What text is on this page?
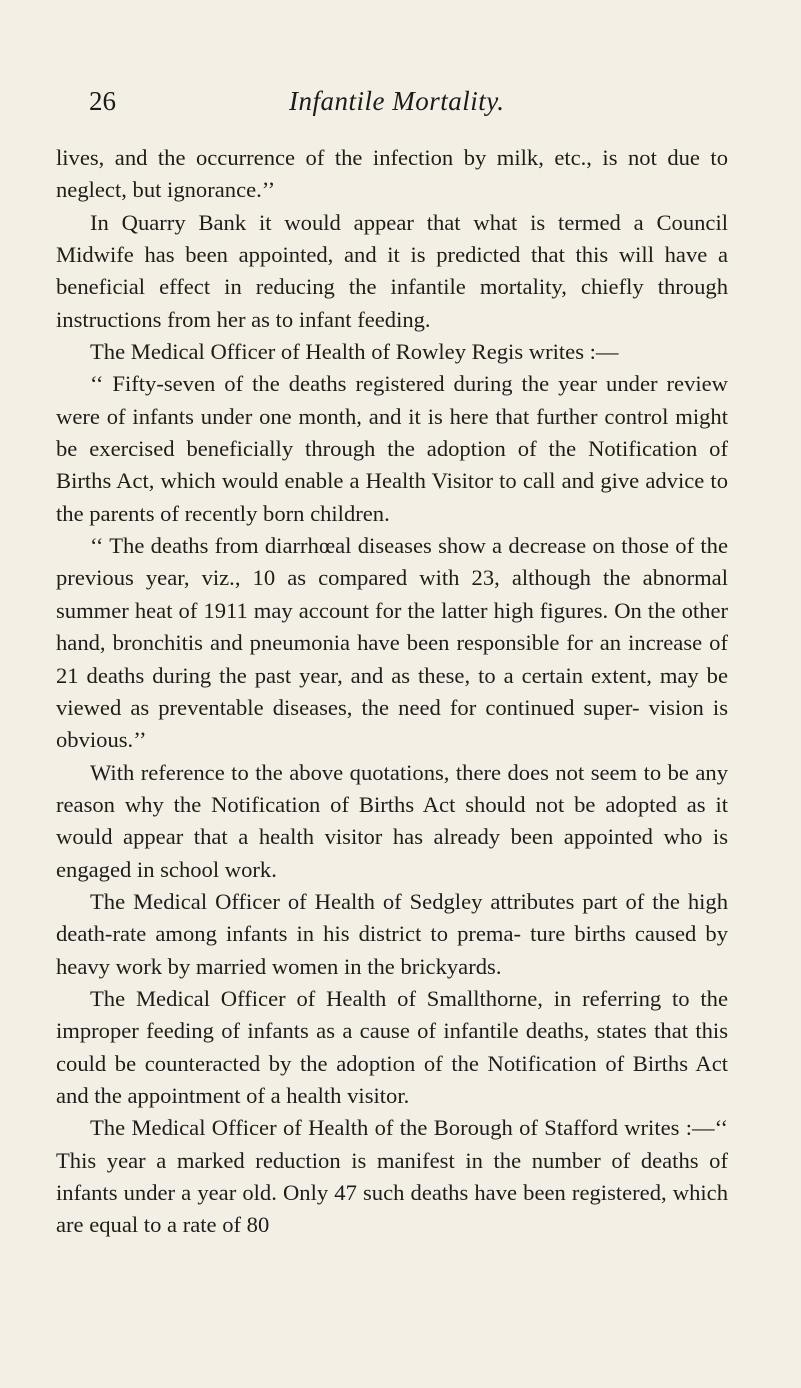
26	Infantile Mortality.

lives, and the occurrence of the infection by milk, etc., is not due to neglect, but ignorance.’’

In Quarry Bank it would appear that what is termed a Council Midwife has been appointed, and it is predicted that this will have a beneficial effect in reducing the infantile mortality, chiefly through instructions from her as to infant feeding.

The Medical Officer of Health of Rowley Regis writes :—

‘‘ Fifty-seven of the deaths registered during the year under review were of infants under one month, and it is here that further control might be exercised beneficially through the adoption of the Notification of Births Act, which would enable a Health Visitor to call and give advice to the parents of recently born children.

‘‘ The deaths from diarrhœal diseases show a decrease on those of the previous year, viz., 10 as compared with 23, although the abnormal summer heat of 1911 may account for the latter high figures. On the other hand, bronchitis and pneumonia have been responsible for an increase of 21 deaths during the past year, and as these, to a certain extent, may be viewed as preventable diseases, the need for continued super- vision is obvious.’’

With reference to the above quotations, there does not seem to be any reason why the Notification of Births Act should not be adopted as it would appear that a health visitor has already been appointed who is engaged in school work.

The Medical Officer of Health of Sedgley attributes part of the high death-rate among infants in his district to prema- ture births caused by heavy work by married women in the brickyards.

The Medical Officer of Health of Smallthorne, in referring to the improper feeding of infants as a cause of infantile deaths, states that this could be counteracted by the adoption of the Notification of Births Act and the appointment of a health visitor.

The Medical Officer of Health of the Borough of Stafford writes :—‘‘ This year a marked reduction is manifest in the number of deaths of infants under a year old. Only 47 such deaths have been registered, which are equal to a rate of 80
